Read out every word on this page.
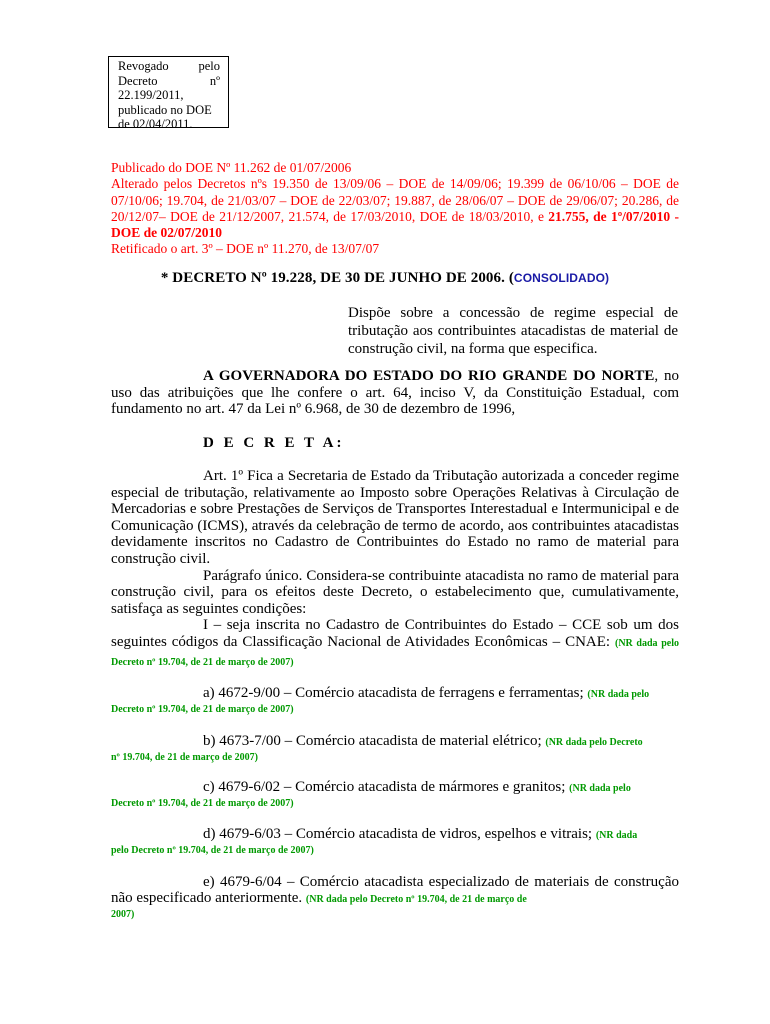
Revogado pelo
Decreto nº
22.199/2011,
publicado no DOE
de 02/04/2011.

Publicado do DOE Nº 11.262 de 01/07/2006

Alterado pelos Decretos nºs 19.350 de 13/09/06 – DOE de 14/09/06; 19.399 de 06/10/06 – DOE de 07/10/06; 19.704, de 21/03/07 – DOE de 22/03/07; 19.887, de 28/06/07 – DOE de 29/06/07; 20.286, de 20/12/07– DOE de 21/12/2007, 21.574, de 17/03/2010, DOE de 18/03/2010, e 21.755, de 1º/07/2010 - DOE de 02/07/2010

Retificado o art. 3º – DOE nº 11.270, de 13/07/07

* DECRETO Nº 19.228, DE 30 DE JUNHO DE 2006. (CONSOLIDADO)
Dispõe sobre a concessão de regime especial de tributação aos contribuintes atacadistas de material de construção civil, na forma que especifica.

A GOVERNADORA DO ESTADO DO RIO GRANDE DO NORTE, no uso das atribuições que lhe confere o art. 64, inciso V, da Constituição Estadual, com fundamento no art. 47 da Lei nº 6.968, de 30 de dezembro de 1996,

D E C R E T A:

Art. 1º Fica a Secretaria de Estado da Tributação autorizada a conceder regime especial de tributação, relativamente ao Imposto sobre Operações Relativas à Circulação de Mercadorias e sobre Prestações de Serviços de Transportes Interestadual e Intermunicipal e de Comunicação (ICMS), através da celebração de termo de acordo, aos contribuintes atacadistas devidamente inscritos no Cadastro de Contribuintes do Estado no ramo de material para construção civil.

Parágrafo único. Considera-se contribuinte atacadista no ramo de material para construção civil, para os efeitos deste Decreto, o estabelecimento que, cumulativamente, satisfaça as seguintes condições:

I – seja inscrita no Cadastro de Contribuintes do Estado – CCE sob um dos seguintes códigos da Classificação Nacional de Atividades Econômicas – CNAE: (NR dada pelo Decreto nº 19.704, de 21 de março de 2007)

a) 4672-9/00 – Comércio atacadista de ferragens e ferramentas; (NR dada pelo
Decreto nº 19.704, de 21 de março de 2007)
b) 4673-7/00 – Comércio atacadista de material elétrico; (NR dada pelo Decreto
nº 19.704, de 21 de março de 2007)
c) 4679-6/02 – Comércio atacadista de mármores e granitos; (NR dada pelo
Decreto nº 19.704, de 21 de março de 2007)
d) 4679-6/03 – Comércio atacadista de vidros, espelhos e vitrais; (NR dada
pelo Decreto nº 19.704, de 21 de março de 2007)
e) 4679-6/04 – Comércio atacadista especializado de materiais de construção não especificado anteriormente. (NR dada pelo Decreto nº 19.704, de 21 de março de
2007)
